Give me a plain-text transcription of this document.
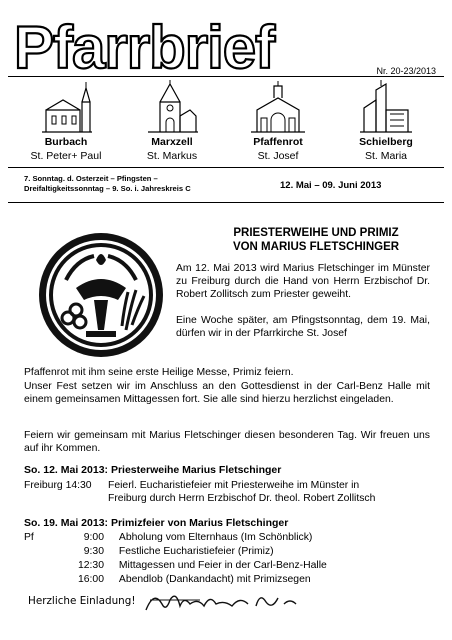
Pfarrbrief	Nr. 20-23/2013
Burbach
St. Peter+ Paul
Marxzell
St. Markus
Pfaffenrot
St. Josef
Schielberg
St. Maria
7. Sonntag. d. Osterzeit – Pfingsten –
Dreifaltigkeitssonntag – 9. So. i. Jahreskreis C	12. Mai – 09. Juni 2013
PRIESTERWEIHE UND PRIMIZ
VON MARIUS FLETSCHINGER
Am 12. Mai 2013 wird Marius Fletschinger im Münster zu Freiburg durch die Hand von Herrn Erzbischof Dr. Robert Zollitsch zum Priester geweiht.
Eine Woche später, am Pfingstsonntag, dem 19. Mai, dürfen wir in der Pfarrkirche St. Josef
Pfaffenrot mit ihm seine erste Heilige Messe, Primiz feiern.
Unser Fest setzen wir im Anschluss an den Gottesdienst in der Carl-Benz Halle mit einem gemeinsamen Mittagessen fort. Sie alle sind hierzu herzlichst eingeladen.
Feiern wir gemeinsam mit Marius Fletschinger diesen besonderen Tag. Wir freuen uns auf ihr Kommen.
So. 12. Mai 2013: Priesterweihe Marius Fletschinger
Freiburg 14:30 Feierl. Eucharistiefeier mit Priesterweihe im Münster in
Freiburg durch Herrn Erzbischof Dr. theol. Robert Zollitsch
So. 19. Mai 2013: Primizfeier von Marius Fletschinger
Pf	9:00 Abholung vom Elternhaus (Im Schönblick)
9:30 Festliche Eucharistiefeier (Primiz)
12:30 Mittagessen und Feier in der Carl-Benz-Halle
16:00 Abendlob (Dankandacht) mit Primizsegen
Herzliche Einladung!
